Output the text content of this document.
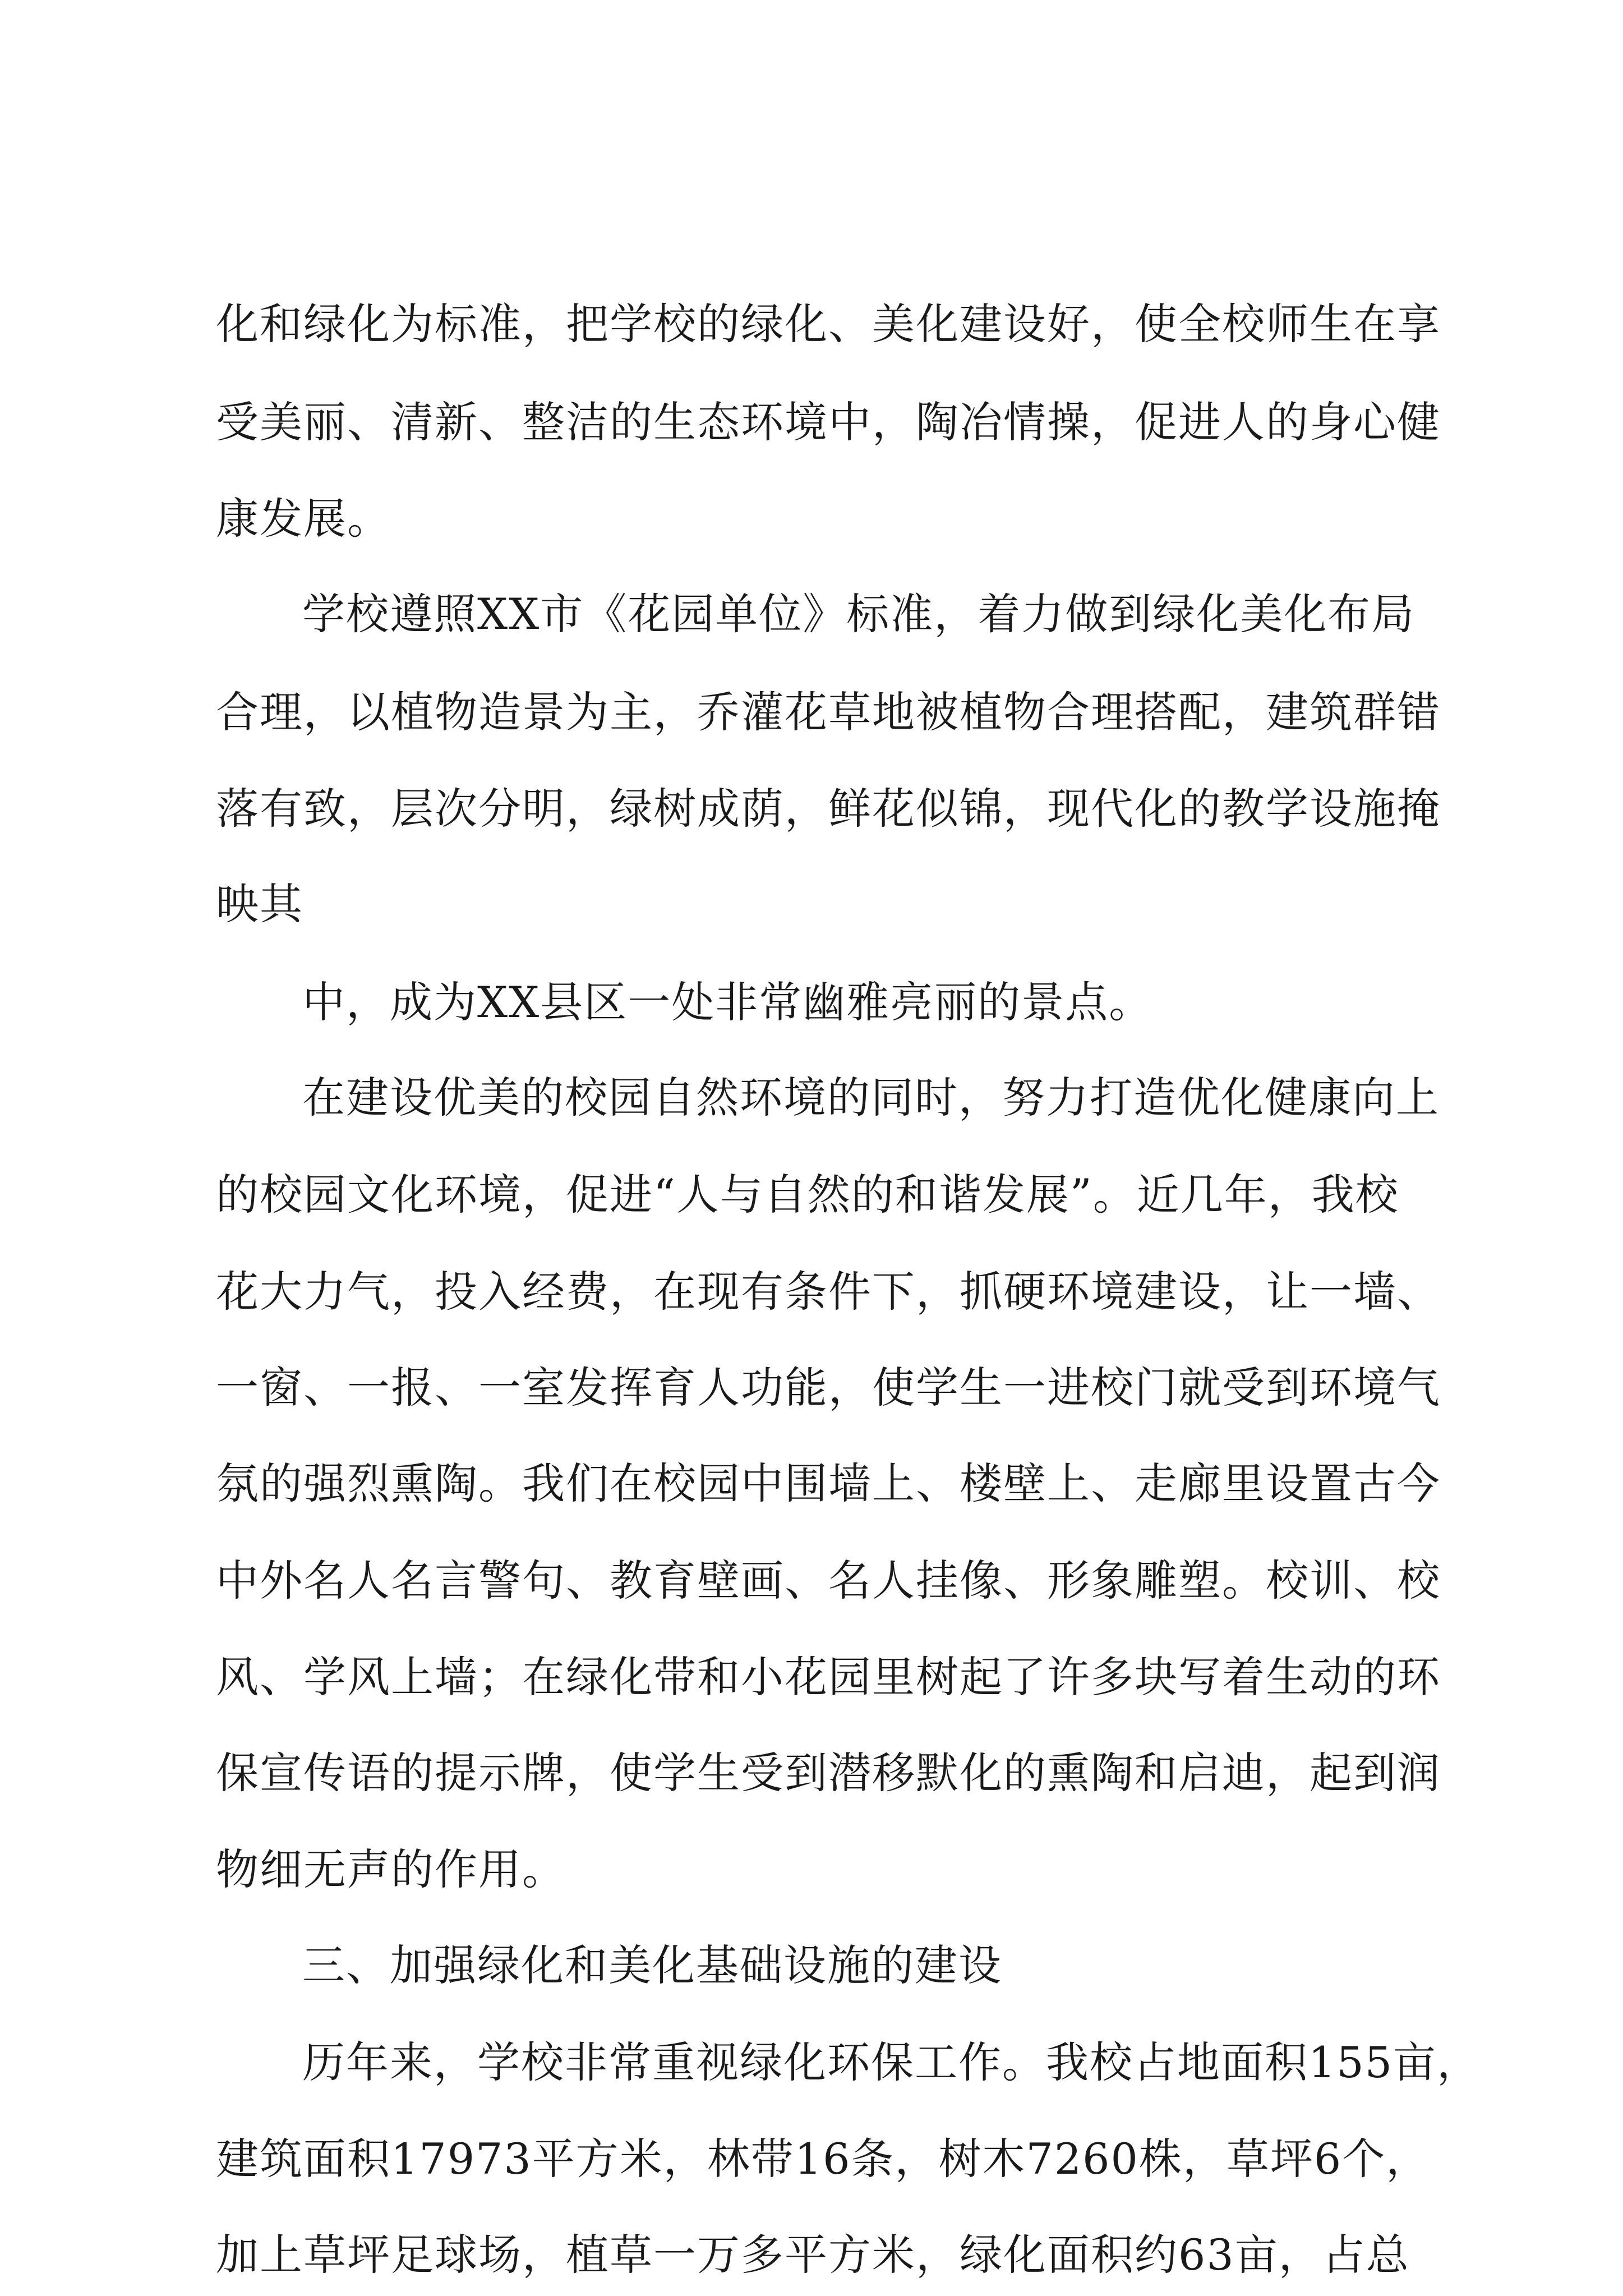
化和绿化为标准，把学校的绿化、美化建设好，使全校师生在享
受美丽、清新、整洁的生态环境中，陶冶情操，促进人的身心健
康发展。
学校遵照XX市《花园单位》标准，着力做到绿化美化布局
合理，以植物造景为主，乔灌花草地被植物合理搭配，建筑群错
落有致，层次分明，绿树成荫，鲜花似锦，现代化的教学设施掩
映其
中，成为XX县区一处非常幽雅亮丽的景点。
在建设优美的校园自然环境的同时，努力打造优化健康向上
的校园文化环境，促进“人与自然的和谐发展”。近几年，我校
花大力气，投入经费，在现有条件下，抓硬环境建设，让一墙、
一窗、一报、一室发挥育人功能，使学生一进校门就受到环境气
氛的强烈熏陶。我们在校园中围墙上、楼壁上、走廊里设置古今
中外名人名言警句、教育壁画、名人挂像、形象雕塑。校训、校
风、学风上墙；在绿化带和小花园里树起了许多块写着生动的环
保宣传语的提示牌，使学生受到潜移默化的熏陶和启迪，起到润
物细无声的作用。
三、加强绿化和美化基础设施的建设
历年来，学校非常重视绿化环保工作。我校占地面积155亩，
建筑面积17973平方米，林带16条，树木7260株，草坪6个，
加上草坪足球场，植草一万多平方米，绿化面积约63亩，占总
